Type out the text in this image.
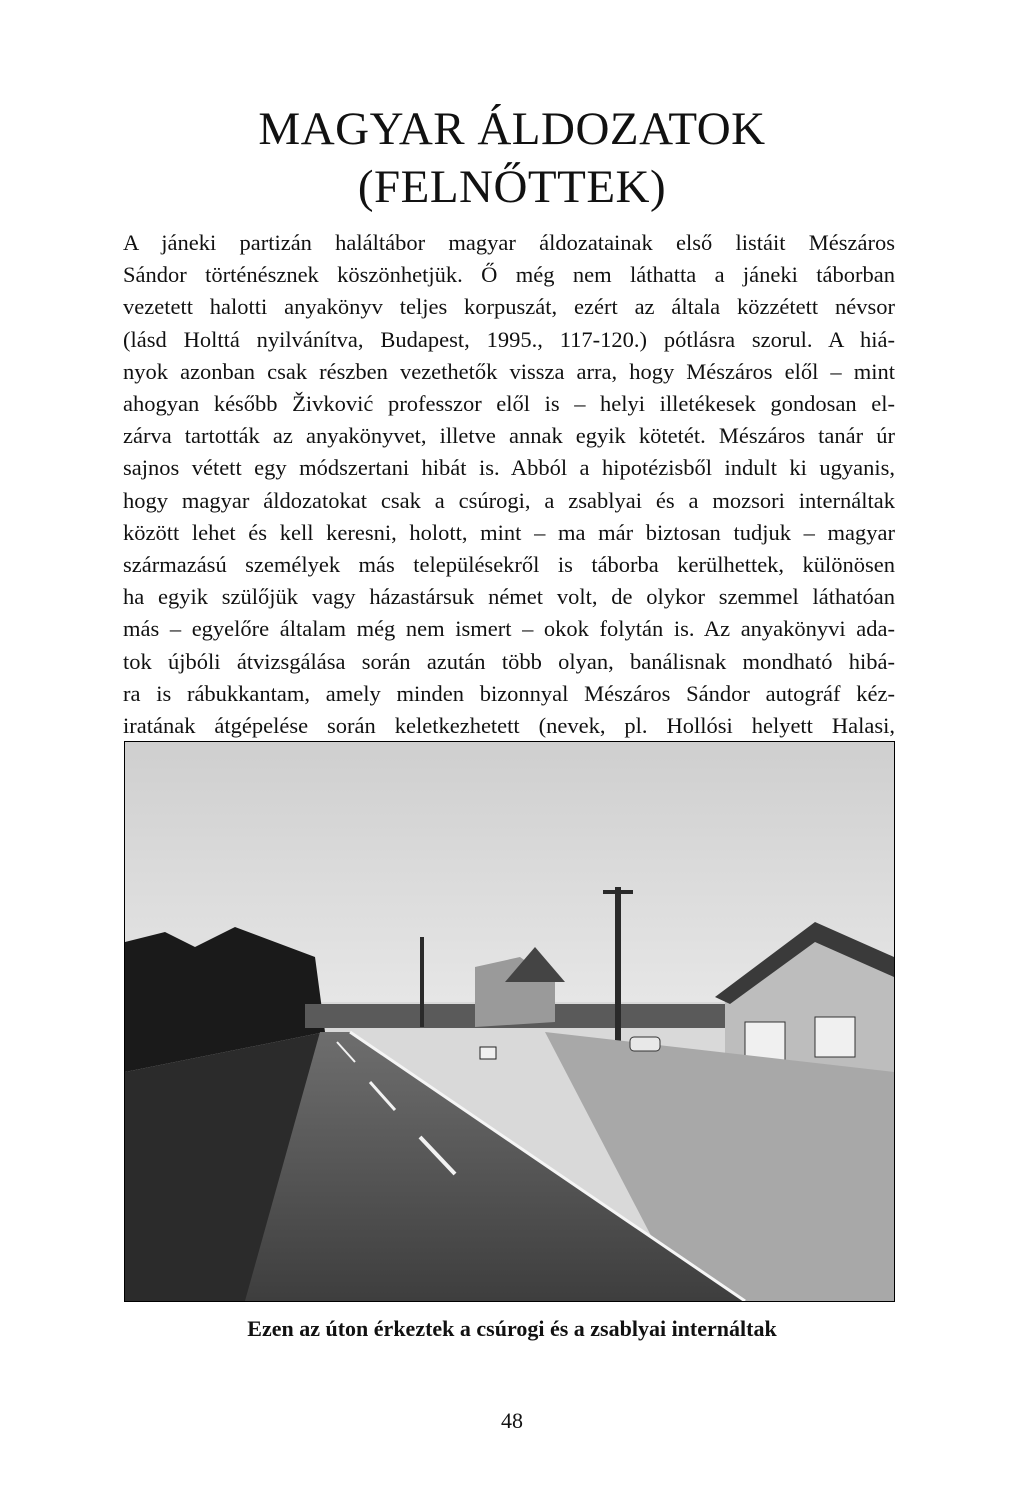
MAGYAR ÁLDOZATOK
(FELNŐTTEK)
A jáneki partizán haláltábor magyar áldozatainak első listáit Mészáros
Sándor történésznek köszönhetjük. Ő még nem láthatta a jáneki táborban
vezetett halotti anyakönyv teljes korpuszát, ezért az általa közzétett névsor
(lásd Holttá nyilvánítva, Budapest, 1995., 117-120.) pótlásra szorul. A hiá-
nyok azonban csak részben vezethetők vissza arra, hogy Mészáros elől – mint
ahogyan később Živković professzor elől is – helyi illetékesek gondosan el-
zárva tartották az anyakönyvet, illetve annak egyik kötetét. Mészáros tanár úr
sajnos vétett egy módszertani hibát is. Abból a hipotézisből indult ki ugyanis,
hogy magyar áldozatokat csak a csúrogi, a zsablyai és a mozsori internáltak
között lehet és kell keresni, holott, mint – ma már biztosan tudjuk – magyar
származású személyek más településekről is táborba kerülhettek, különösen
ha egyik szülőjük vagy házastársuk német volt, de olykor szemmel láthatóan
más – egyelőre általam még nem ismert – okok folytán is. Az anyakönyvi ada-
tok újbóli átvizsgálása során azután több olyan, banálisnak mondható hibá-
ra is rábukkantam, amely minden bizonnyal Mészáros Sándor autográf kéz-
iratának átgépelése során keletkezhetett (nevek, pl. Hollósi helyett Halasi,

Ezen az úton érkeztek a csúrogi és a zsablyai internáltak

48
